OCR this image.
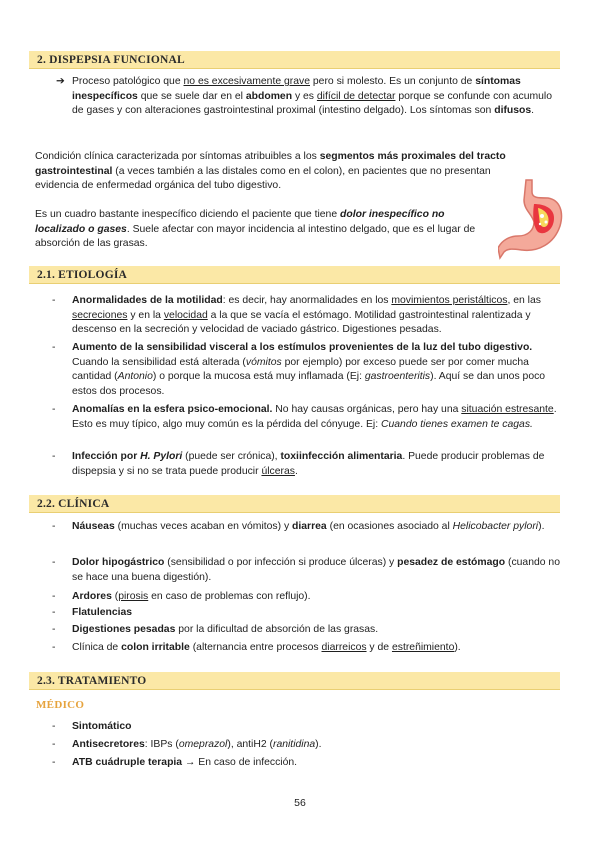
2. DISPEPSIA FUNCIONAL
➔ Proceso patológico que no es excesivamente grave pero si molesto. Es un conjunto de síntomas inespecíficos que se suele dar en el abdomen y es difícil de detectar porque se confunde con acumulo de gases y con alteraciones gastrointestinal proximal (intestino delgado). Los síntomas son difusos.

Condición clínica caracterizada por síntomas atribuibles a los segmentos más proximales del tracto gastrointestinal (a veces también a las distales como en el colon), en pacientes que no presentan evidencia de enfermedad orgánica del tubo digestivo.

Es un cuadro bastante inespecífico diciendo el paciente que tiene dolor inespecífico no localizado o gases. Suele afectar con mayor incidencia al intestino delgado, que es el lugar de absorción de las grasas.

2.1. ETIOLOGÍA
- Anormalidades de la motilidad: es decir, hay anormalidades en los movimientos peristálticos, en las secreciones y en la velocidad a la que se vacía el estómago. Motilidad gastrointestinal ralentizada y descenso en la secreción y velocidad de vaciado gástrico. Digestiones pesadas.
- Aumento de la sensibilidad visceral a los estímulos provenientes de la luz del tubo digestivo. Cuando la sensibilidad está alterada (vómitos por ejemplo) por exceso puede ser por comer mucha cantidad (Antonio) o porque la mucosa está muy inflamada (Ej: gastroenteritis). Aquí se dan unos poco estos dos procesos.
- Anomalías en la esfera psico-emocional. No hay causas orgánicas, pero hay una situación estresante. Esto es muy típico, algo muy común es la pérdida del cónyuge. Ej: Cuando tienes examen te cagas.
- Infección por H. Pylori (puede ser crónica), toxiinfección alimentaria. Puede producir problemas de dispepsia y si no se trata puede producir úlceras.
2.2. CLÍNICA
- Náuseas (muchas veces acaban en vómitos) y diarrea (en ocasiones asociado al Helicobacter pylori).
- Dolor hipogástrico (sensibilidad o por infección si produce úlceras) y pesadez de estómago (cuando no se hace una buena digestión).
- Ardores (pirosis en caso de problemas con reflujo).
- Flatulencias
- Digestiones pesadas por la dificultad de absorción de las grasas.
- Clínica de colon irritable (alternancia entre procesos diarreicos y de estreñimiento).
2.3. TRATAMIENTO
MÉDICO
- Sintomático
- Antisecretores: IBPs (omeprazol), antiH2 (ranitidina).
- ATB cuádruple terapia → En caso de infección.
56
